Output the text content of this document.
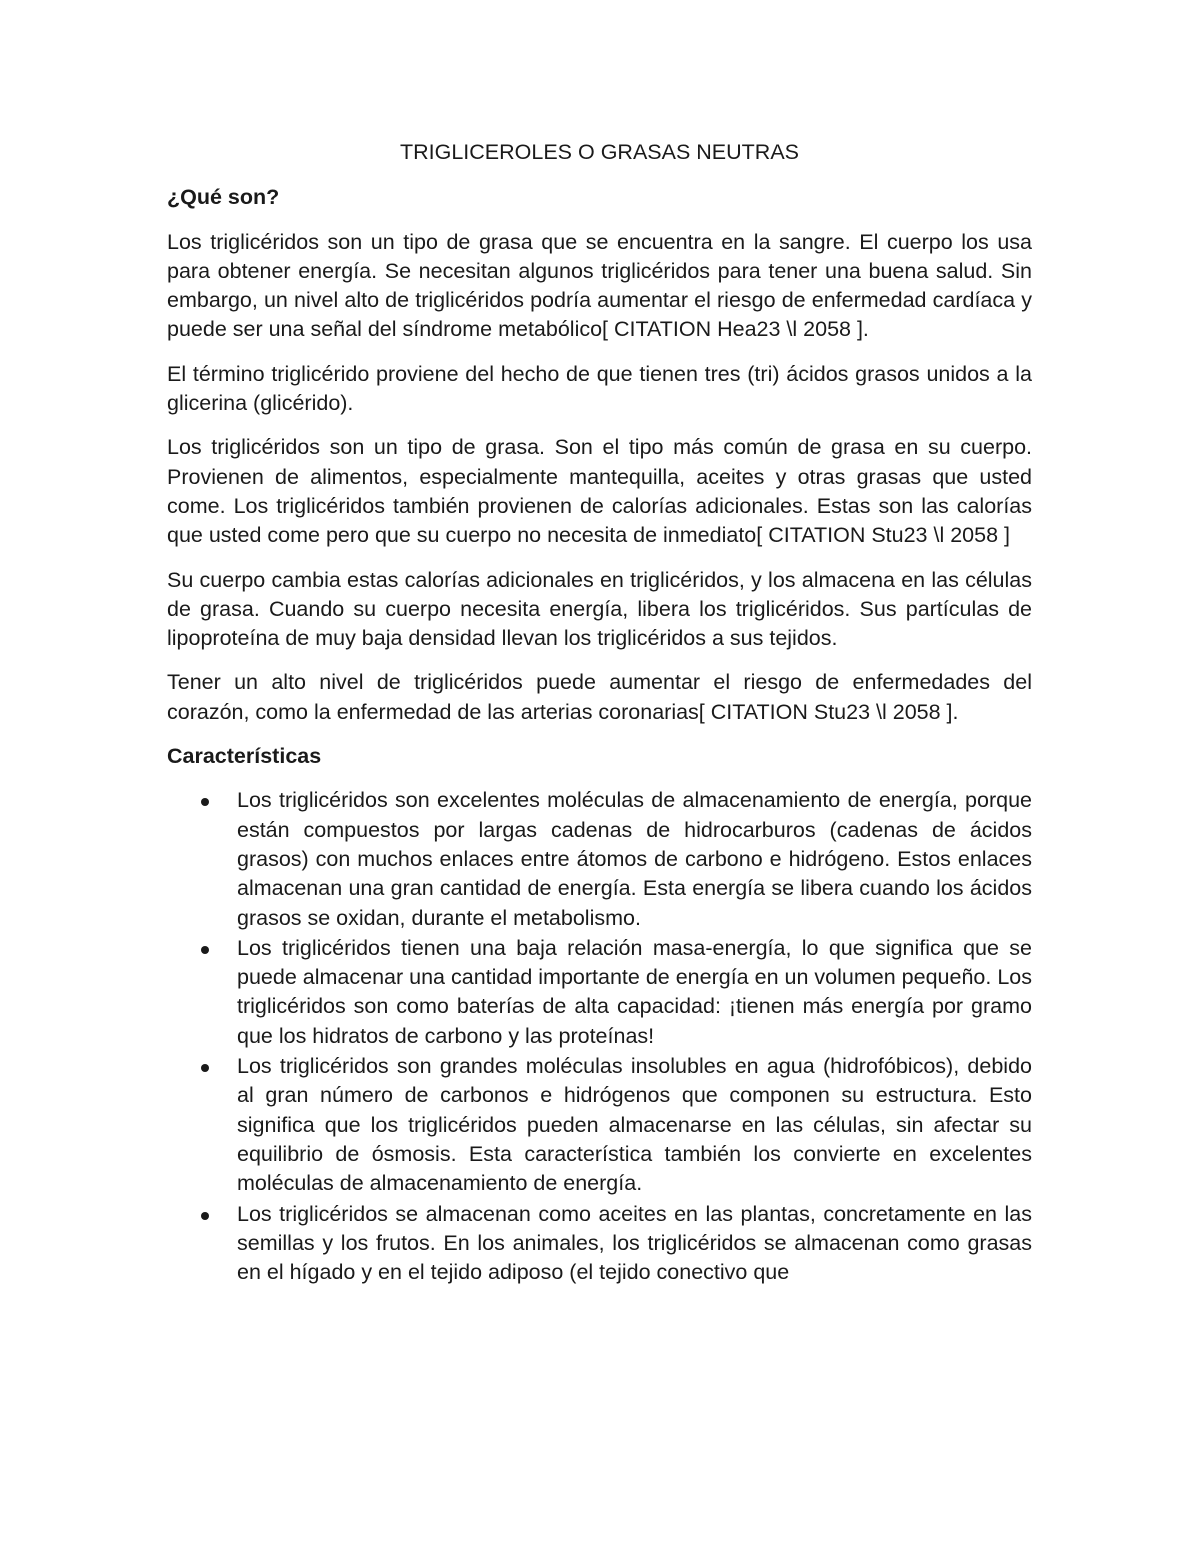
TRIGLICEROLES O GRASAS NEUTRAS
¿Qué son?

Los triglicéridos son un tipo de grasa que se encuentra en la sangre. El cuerpo los usa para obtener energía. Se necesitan algunos triglicéridos para tener una buena salud. Sin embargo, un nivel alto de triglicéridos podría aumentar el riesgo de enfermedad cardíaca y puede ser una señal del síndrome metabólico[ CITATION Hea23 \l 2058 ].

El término triglicérido proviene del hecho de que tienen tres (tri) ácidos grasos unidos a la glicerina (glicérido).

Los triglicéridos son un tipo de grasa. Son el tipo más común de grasa en su cuerpo. Provienen de alimentos, especialmente mantequilla, aceites y otras grasas que usted come. Los triglicéridos también provienen de calorías adicionales. Estas son las calorías que usted come pero que su cuerpo no necesita de inmediato[ CITATION Stu23 \l 2058 ]

Su cuerpo cambia estas calorías adicionales en triglicéridos, y los almacena en las células de grasa. Cuando su cuerpo necesita energía, libera los triglicéridos. Sus partículas de lipoproteína de muy baja densidad llevan los triglicéridos a sus tejidos.

Tener un alto nivel de triglicéridos puede aumentar el riesgo de enfermedades del corazón, como la enfermedad de las arterias coronarias[ CITATION Stu23 \l 2058 ].

Características
Los triglicéridos son excelentes moléculas de almacenamiento de energía, porque están compuestos por largas cadenas de hidrocarburos (cadenas de ácidos grasos) con muchos enlaces entre átomos de carbono e hidrógeno. Estos enlaces almacenan una gran cantidad de energía. Esta energía se libera cuando los ácidos grasos se oxidan, durante el metabolismo.
Los triglicéridos tienen una baja relación masa-energía, lo que significa que se puede almacenar una cantidad importante de energía en un volumen pequeño. Los triglicéridos son como baterías de alta capacidad: ¡tienen más energía por gramo que los hidratos de carbono y las proteínas!
Los triglicéridos son grandes moléculas insolubles en agua (hidrofóbicos), debido al gran número de carbonos e hidrógenos que componen su estructura. Esto significa que los triglicéridos pueden almacenarse en las células, sin afectar su equilibrio de ósmosis. Esta característica también los convierte en excelentes moléculas de almacenamiento de energía.
Los triglicéridos se almacenan como aceites en las plantas, concretamente en las semillas y los frutos. En los animales, los triglicéridos se almacenan como grasas en el hígado y en el tejido adiposo (el tejido conectivo que
